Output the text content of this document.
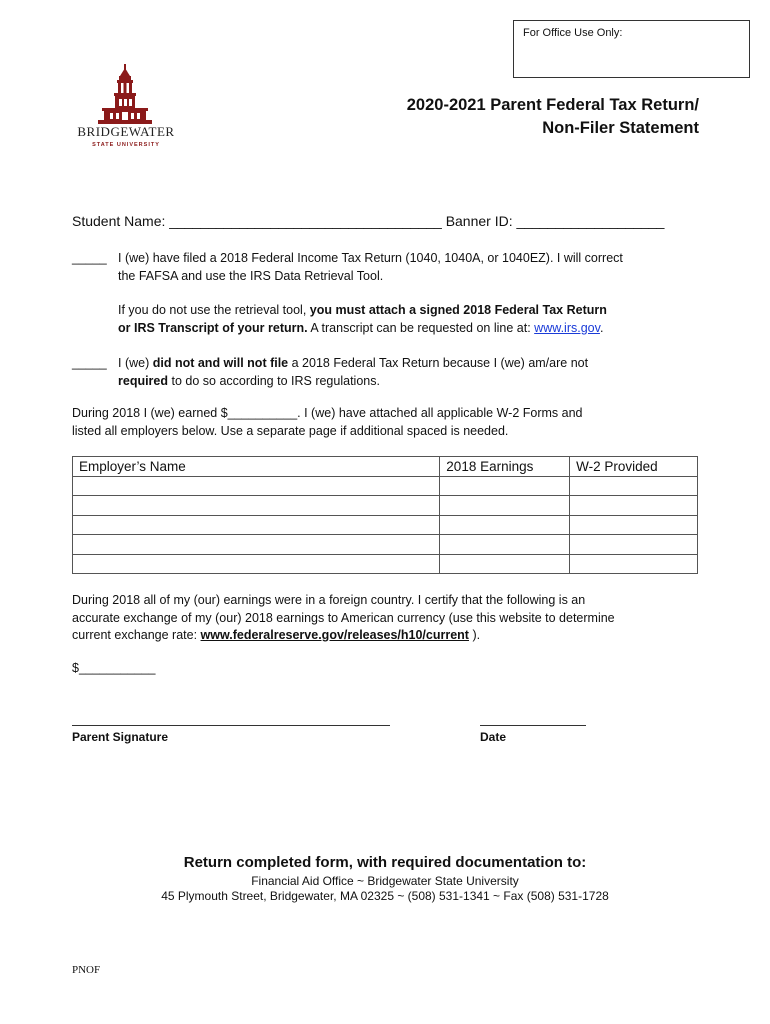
For Office Use Only:
BRIDGEWATER
STATE UNIVERSITY
2020-2021 Parent Federal Tax Return/
Non-Filer Statement
Student Name: ___________________________________ Banner ID: ___________________
_____ I (we) have filed a 2018 Federal Income Tax Return (1040, 1040A, or 1040EZ). I will correct
the FAFSA and use the IRS Data Retrieval Tool.
If you do not use the retrieval tool, you must attach a signed 2018 Federal Tax Return
or IRS Transcript of your return. A transcript can be requested on line at: www.irs.gov.
_____ I (we) did not and will not file a 2018 Federal Tax Return because I (we) am/are not
required to do so according to IRS regulations.
During 2018 I (we) earned $__________. I (we) have attached all applicable W-2 Forms and
listed all employers below. Use a separate page if additional spaced is needed.
Employer’s Name	2018 Earnings	W-2 Provided

During 2018 all of my (our) earnings were in a foreign country. I certify that the following is an
accurate exchange of my (our) 2018 earnings to American currency (use this website to determine
current exchange rate: www.federalreserve.gov/releases/h10/current ).
$___________
Parent Signature	Date
Return completed form, with required documentation to:
Financial Aid Office ~ Bridgewater State University
45 Plymouth Street, Bridgewater, MA 02325 ~ (508) 531-1341 ~ Fax (508) 531-1728
PNOF
